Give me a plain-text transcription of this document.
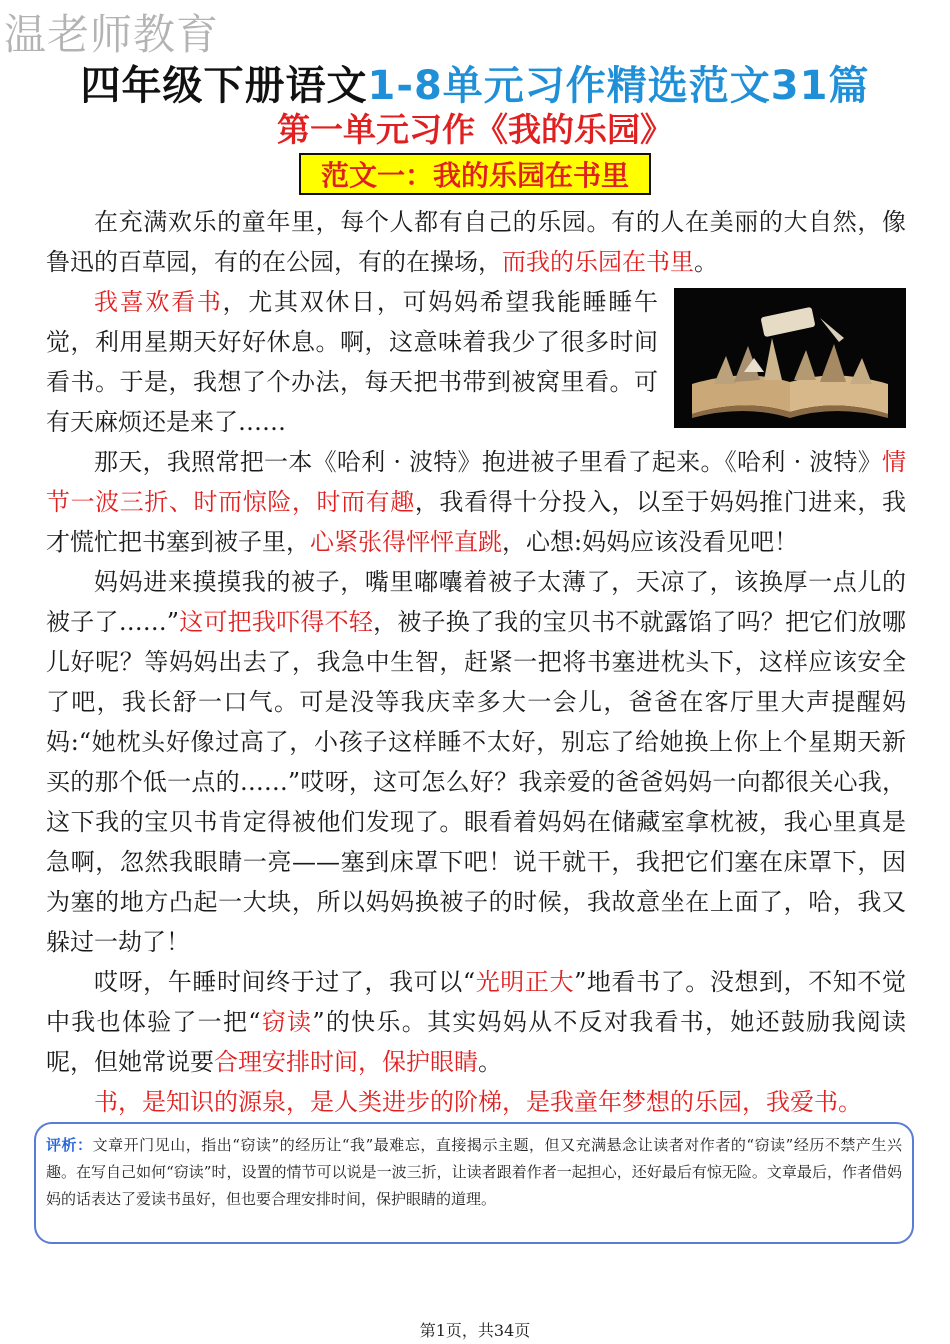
温老师教育
四年级下册语文1-8单元习作精选范文31篇
第一单元习作《我的乐园》
范文一：我的乐园在书里

在充满欢乐的童年里，每个人都有自己的乐园。有的人在美丽的大自然，像鲁迅的百草园，有的在公园，有的在操场，而我的乐园在书里。

我喜欢看书，尤其双休日，可妈妈希望我能睡睡午觉，利用星期天好好休息。啊，这意味着我少了很多时间看书。于是，我想了个办法，每天把书带到被窝里看。可有天麻烦还是来了……

那天，我照常把一本《哈利 · 波特》抱进被子里看了起来。《哈利 · 波特》情节一波三折、时而惊险，时而有趣，我看得十分投入，以至于妈妈推门进来，我才慌忙把书塞到被子里，心紧张得怦怦直跳，心想:妈妈应该没看见吧！

妈妈进来摸摸我的被子，嘴里嘟囔着被子太薄了，天凉了，该换厚一点儿的被子了……”这可把我吓得不轻，被子换了我的宝贝书不就露馅了吗？把它们放哪儿好呢？等妈妈出去了，我急中生智，赶紧一把将书塞进枕头下，这样应该安全了吧，我长舒一口气。可是没等我庆幸多大一会儿，爸爸在客厅里大声提醒妈妈:“她枕头好像过高了，小孩子这样睡不太好，别忘了给她换上你上个星期天新买的那个低一点的……”哎呀，这可怎么好？我亲爱的爸爸妈妈一向都很关心我，这下我的宝贝书肯定得被他们发现了。眼看着妈妈在储藏室拿枕被，我心里真是急啊，忽然我眼睛一亮——塞到床罩下吧！说干就干，我把它们塞在床罩下，因为塞的地方凸起一大块，所以妈妈换被子的时候，我故意坐在上面了，哈，我又躲过一劫了！

哎呀，午睡时间终于过了，我可以“光明正大”地看书了。没想到，不知不觉中我也体验了一把“窃读”的快乐。其实妈妈从不反对我看书，她还鼓励我阅读呢，但她常说要合理安排时间，保护眼睛。

书，是知识的源泉，是人类进步的阶梯，是我童年梦想的乐园，我爱书。

评析：文章开门见山，指出“窃读”的经历让“我”最难忘，直接揭示主题，但又充满悬念让读者对作者的“窃读”经历不禁产生兴趣。在写自己如何“窃读”时，设置的情节可以说是一波三折，让读者跟着作者一起担心，还好最后有惊无险。文章最后，作者借妈妈的话表达了爱读书虽好，但也要合理安排时间，保护眼睛的道理。
第1页，共34页
